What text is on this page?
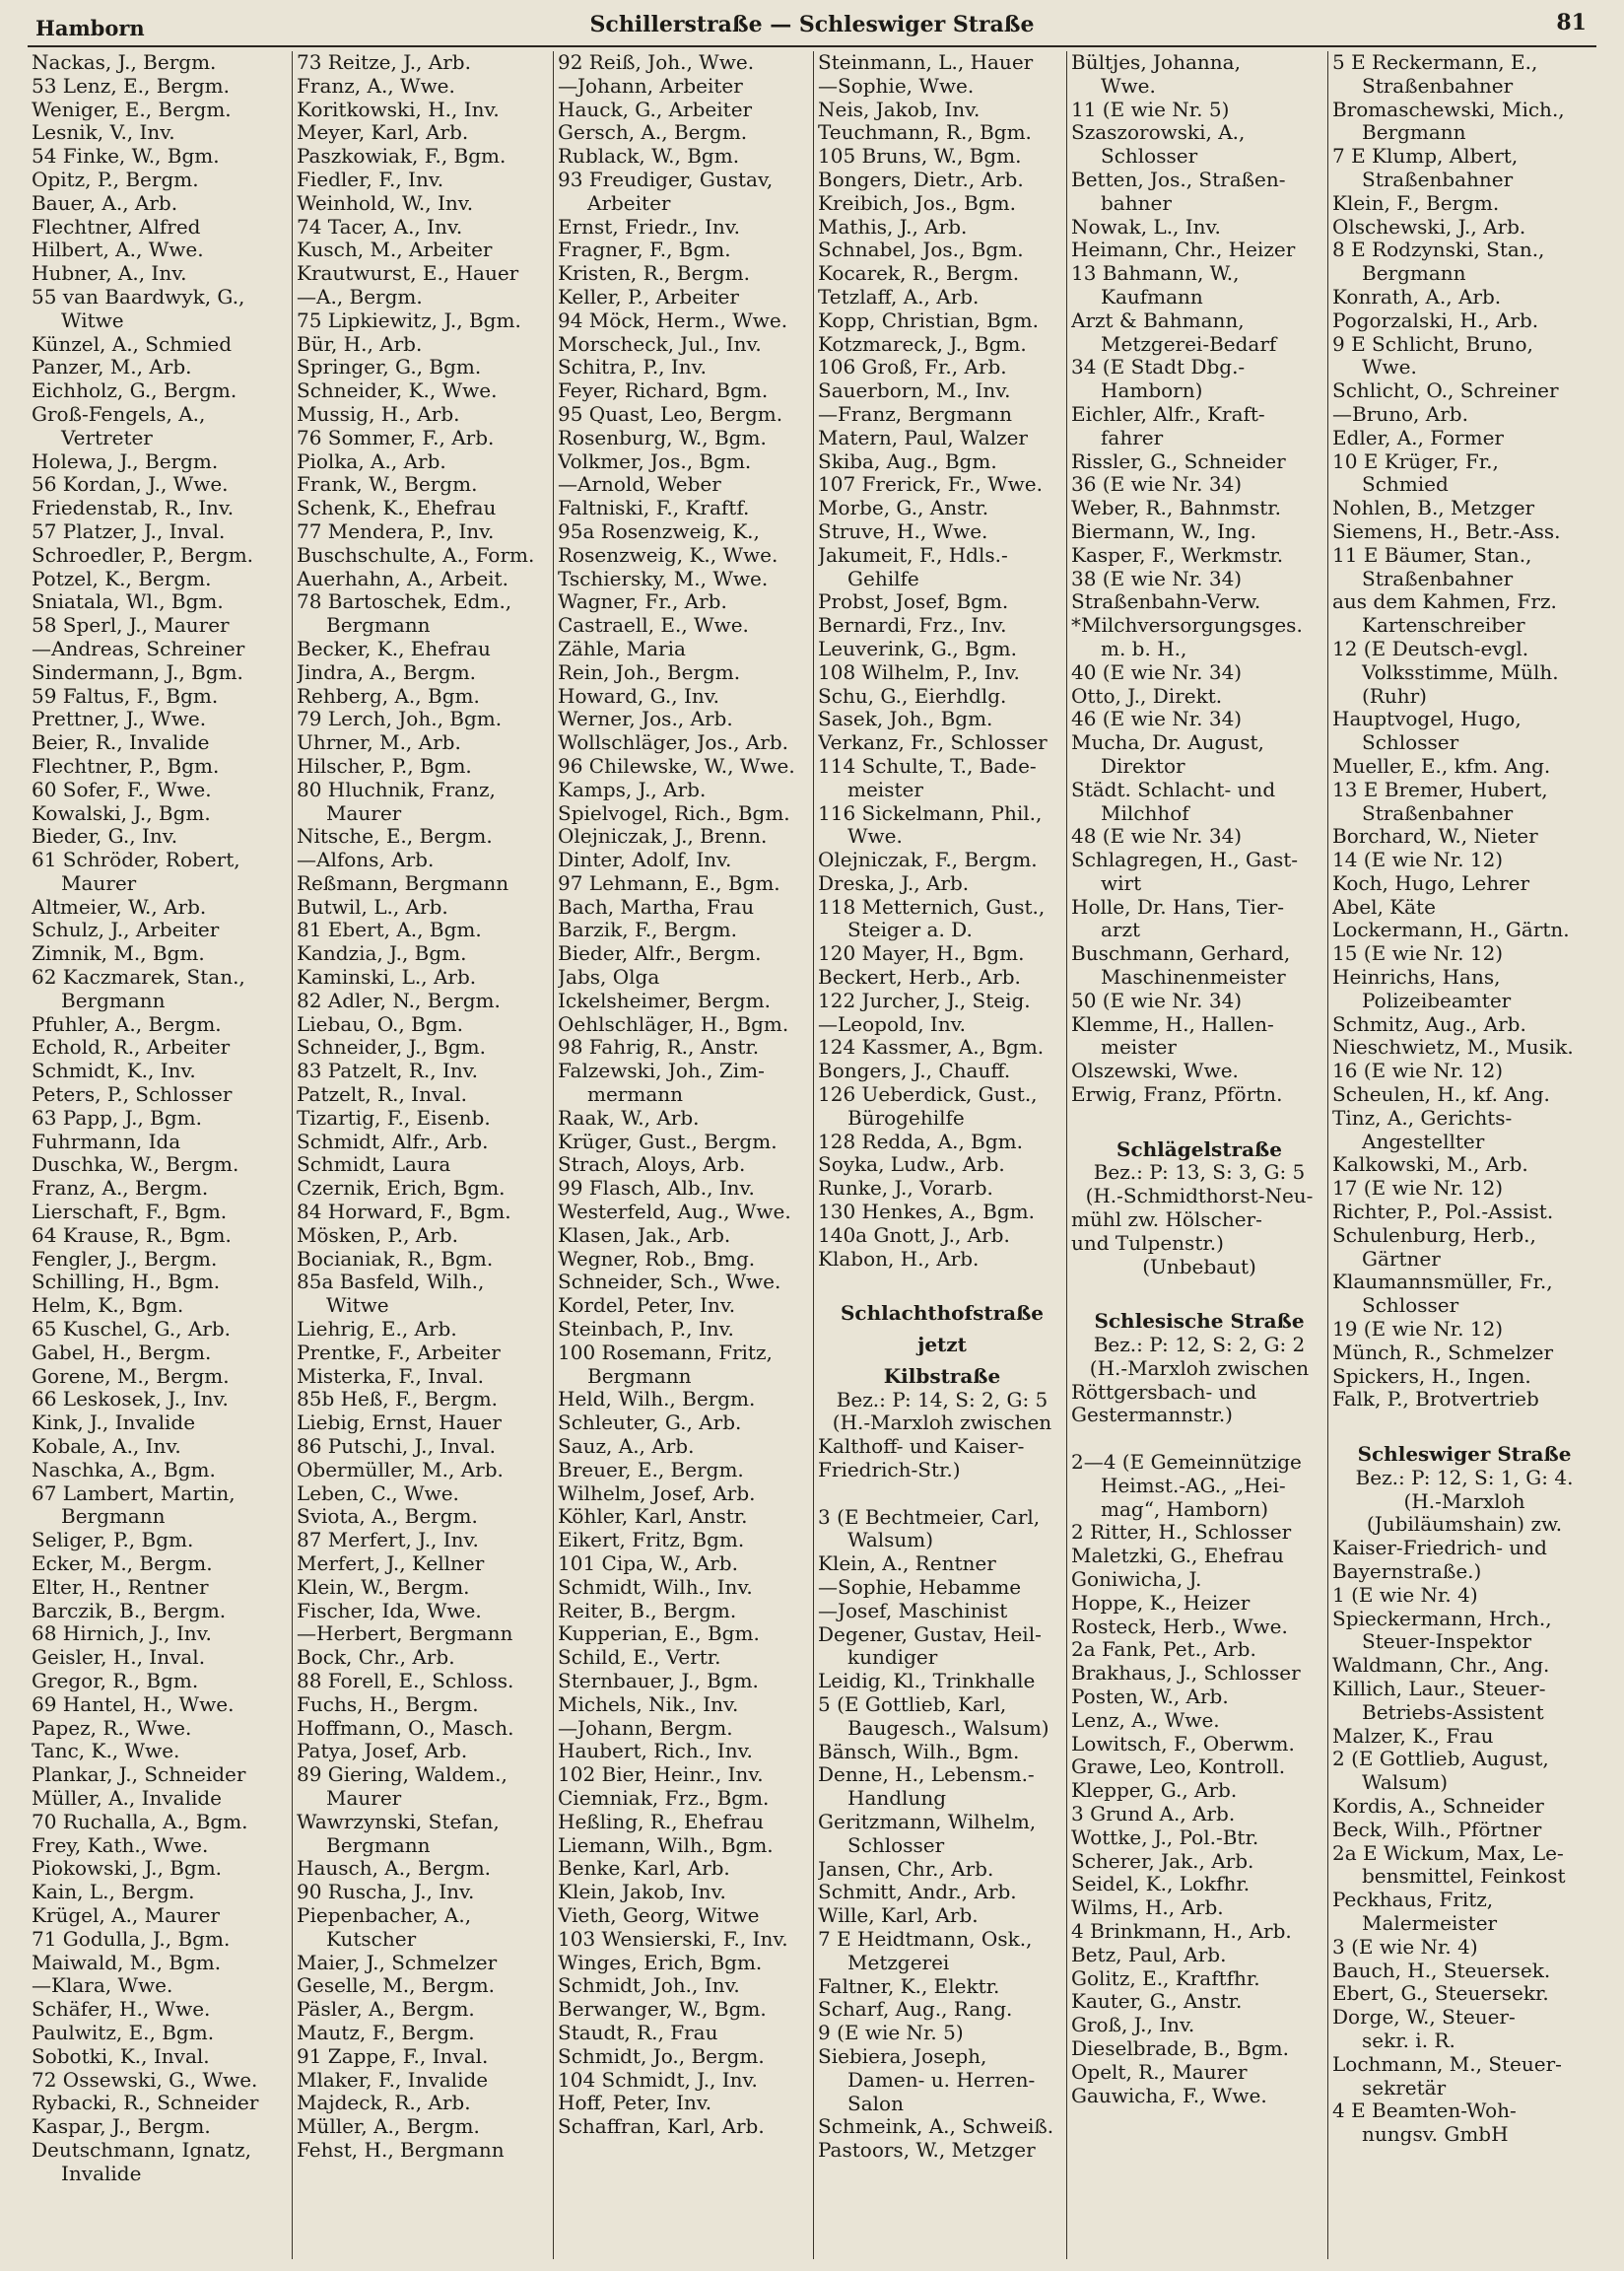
Hamborn	Schillerstraße — Schleswiger Straße	81
Nackas, J., Bergm.
53 Lenz, E., Bergm.
Weniger, E., Bergm.
Lesnik, V., Inv.
54 Finke, W., Bgm.
Opitz, P., Bergm.
Bauer, A., Arb.
Flechtner, Alfred
Hilbert, A., Wwe.
Hubner, A., Inv.
55 van Baardwyk, G.,
Witwe
Künzel, A., Schmied
Panzer, M., Arb.
Eichholz, G., Bergm.
Groß-Fengels, A.,
Vertreter
Holewa, J., Bergm.
56 Kordan, J., Wwe.
Friedenstab, R., Inv.
57 Platzer, J., Inval.
Schroedler, P., Bergm.
Potzel, K., Bergm.
Sniatala, Wl., Bgm.
58 Sperl, J., Maurer
—Andreas, Schreiner
Sindermann, J., Bgm.
59 Faltus, F., Bgm.
Prettner, J., Wwe.
Beier, R., Invalide
Flechtner, P., Bgm.
60 Sofer, F., Wwe.
Kowalski, J., Bgm.
Bieder, G., Inv.
61 Schröder, Robert,
Maurer
Altmeier, W., Arb.
Schulz, J., Arbeiter
Zimnik, M., Bgm.
62 Kaczmarek, Stan.,
Bergmann
Pfuhler, A., Bergm.
Echold, R., Arbeiter
Schmidt, K., Inv.
Peters, P., Schlosser
63 Papp, J., Bgm.
Fuhrmann, Ida
Duschka, W., Bergm.
Franz, A., Bergm.
Lierschaft, F., Bgm.
64 Krause, R., Bgm.
Fengler, J., Bergm.
Schilling, H., Bgm.
Helm, K., Bgm.
65 Kuschel, G., Arb.
Gabel, H., Bergm.
Gorene, M., Bergm.
66 Leskosek, J., Inv.
Kink, J., Invalide
Kobale, A., Inv.
Naschka, A., Bgm.
67 Lambert, Martin,
Bergmann
Seliger, P., Bgm.
Ecker, M., Bergm.
Elter, H., Rentner
Barczik, B., Bergm.
68 Hirnich, J., Inv.
Geisler, H., Inval.
Gregor, R., Bgm.
69 Hantel, H., Wwe.
Papez, R., Wwe.
Tanc, K., Wwe.
Plankar, J., Schneider
Müller, A., Invalide
70 Ruchalla, A., Bgm.
Frey, Kath., Wwe.
Piokowski, J., Bgm.
Kain, L., Bergm.
Krügel, A., Maurer
71 Godulla, J., Bgm.
Maiwald, M., Bgm.
—Klara, Wwe.
Schäfer, H., Wwe.
Paulwitz, E., Bgm.
Sobotki, K., Inval.
72 Ossewski, G., Wwe.
Rybacki, R., Schneider
Kaspar, J., Bergm.
Deutschmann, Ignatz,
Invalide
73 Reitze, J., Arb.
Franz, A., Wwe.
Koritkowski, H., Inv.
Meyer, Karl, Arb.
Paszkowiak, F., Bgm.
Fiedler, F., Inv.
Weinhold, W., Inv.
74 Tacer, A., Inv.
Kusch, M., Arbeiter
Krautwurst, E., Hauer
—A., Bergm.
75 Lipkiewitz, J., Bgm.
Bür, H., Arb.
Springer, G., Bgm.
Schneider, K., Wwe.
Mussig, H., Arb.
76 Sommer, F., Arb.
Piolka, A., Arb.
Frank, W., Bergm.
Schenk, K., Ehefrau
77 Mendera, P., Inv.
Buschschulte, A., Form.
Auerhahn, A., Arbeit.
78 Bartoschek, Edm.,
Bergmann
Becker, K., Ehefrau
Jindra, A., Bergm.
Rehberg, A., Bgm.
79 Lerch, Joh., Bgm.
Uhrner, M., Arb.
Hilscher, P., Bgm.
80 Hluchnik, Franz,
Maurer
Nitsche, E., Bergm.
—Alfons, Arb.
Reßmann, Bergmann
Butwil, L., Arb.
81 Ebert, A., Bgm.
Kandzia, J., Bgm.
Kaminski, L., Arb.
82 Adler, N., Bergm.
Liebau, O., Bgm.
Schneider, J., Bgm.
83 Patzelt, R., Inv.
Patzelt, R., Inval.
Tizartig, F., Eisenb.
Schmidt, Alfr., Arb.
Schmidt, Laura
Czernik, Erich, Bgm.
84 Horward, F., Bgm.
Mösken, P., Arb.
Bocianiak, R., Bgm.
85a Basfeld, Wilh.,
Witwe
Liehrig, E., Arb.
Prentke, F., Arbeiter
Misterka, F., Inval.
85b Heß, F., Bergm.
Liebig, Ernst, Hauer
86 Putschi, J., Inval.
Obermüller, M., Arb.
Leben, C., Wwe.
Sviota, A., Bergm.
87 Merfert, J., Inv.
Merfert, J., Kellner
Klein, W., Bergm.
Fischer, Ida, Wwe.
—Herbert, Bergmann
Bock, Chr., Arb.
88 Forell, E., Schloss.
Fuchs, H., Bergm.
Hoffmann, O., Masch.
Patya, Josef, Arb.
89 Giering, Waldem.,
Maurer
Wawrzynski, Stefan,
Bergmann
Hausch, A., Bergm.
90 Ruscha, J., Inv.
Piepenbacher, A.,
Kutscher
Maier, J., Schmelzer
Geselle, M., Bergm.
Päsler, A., Bergm.
Mautz, F., Bergm.
91 Zappe, F., Inval.
Mlaker, F., Invalide
Majdeck, R., Arb.
Müller, A., Bergm.
Fehst, H., Bergmann
92 Reiß, Joh., Wwe.
—Johann, Arbeiter
Hauck, G., Arbeiter
Gersch, A., Bergm.
Rublack, W., Bgm.
93 Freudiger, Gustav,
Arbeiter
Ernst, Friedr., Inv.
Fragner, F., Bgm.
Kristen, R., Bergm.
Keller, P., Arbeiter
94 Möck, Herm., Wwe.
Morscheck, Jul., Inv.
Schitra, P., Inv.
Feyer, Richard, Bgm.
95 Quast, Leo, Bergm.
Rosenburg, W., Bgm.
Volkmer, Jos., Bgm.
—Arnold, Weber
Faltniski, F., Kraftf.
95a Rosenzweig, K.,
Rosenzweig, K., Wwe.
Tschiersky, M., Wwe.
Wagner, Fr., Arb.
Castraell, E., Wwe.
Zähle, Maria
Rein, Joh., Bergm.
Howard, G., Inv.
Werner, Jos., Arb.
Wollschläger, Jos., Arb.
96 Chilewske, W., Wwe.
Kamps, J., Arb.
Spielvogel, Rich., Bgm.
Olejniczak, J., Brenn.
Dinter, Adolf, Inv.
97 Lehmann, E., Bgm.
Bach, Martha, Frau
Barzik, F., Bergm.
Bieder, Alfr., Bergm.
Jabs, Olga
Ickelsheimer, Bergm.
Oehlschläger, H., Bgm.
98 Fahrig, R., Anstr.
Falzewski, Joh., Zim-
mermann
Raak, W., Arb.
Krüger, Gust., Bergm.
Strach, Aloys, Arb.
99 Flasch, Alb., Inv.
Westerfeld, Aug., Wwe.
Klasen, Jak., Arb.
Wegner, Rob., Bmg.
Schneider, Sch., Wwe.
Kordel, Peter, Inv.
Steinbach, P., Inv.
100 Rosemann, Fritz,
Bergmann
Held, Wilh., Bergm.
Schleuter, G., Arb.
Sauz, A., Arb.
Breuer, E., Bergm.
Wilhelm, Josef, Arb.
Köhler, Karl, Anstr.
Eikert, Fritz, Bgm.
101 Cipa, W., Arb.
Schmidt, Wilh., Inv.
Reiter, B., Bergm.
Kupperian, E., Bgm.
Schild, E., Vertr.
Sternbauer, J., Bgm.
Michels, Nik., Inv.
—Johann, Bergm.
Haubert, Rich., Inv.
102 Bier, Heinr., Inv.
Ciemniak, Frz., Bgm.
Heßling, R., Ehefrau
Liemann, Wilh., Bgm.
Benke, Karl, Arb.
Klein, Jakob, Inv.
Vieth, Georg, Witwe
103 Wensierski, F., Inv.
Winges, Erich, Bgm.
Schmidt, Joh., Inv.
Berwanger, W., Bgm.
Staudt, R., Frau
Schmidt, Jo., Bergm.
104 Schmidt, J., Inv.
Hoff, Peter, Inv.
Schaffran, Karl, Arb.
Steinmann, L., Hauer
—Sophie, Wwe.
Neis, Jakob, Inv.
Teuchmann, R., Bgm.
105 Bruns, W., Bgm.
Bongers, Dietr., Arb.
Kreibich, Jos., Bgm.
Mathis, J., Arb.
Schnabel, Jos., Bgm.
Kocarek, R., Bergm.
Tetzlaff, A., Arb.
Kopp, Christian, Bgm.
Kotzmareck, J., Bgm.
106 Groß, Fr., Arb.
Sauerborn, M., Inv.
—Franz, Bergmann
Matern, Paul, Walzer
Skiba, Aug., Bgm.
107 Frerick, Fr., Wwe.
Morbe, G., Anstr.
Struve, H., Wwe.
Jakumeit, F., Hdls.-
Gehilfe
Probst, Josef, Bgm.
Bernardi, Frz., Inv.
Leuverink, G., Bgm.
108 Wilhelm, P., Inv.
Schu, G., Eierhdlg.
Sasek, Joh., Bgm.
Verkanz, Fr., Schlosser
114 Schulte, T., Bade-
meister
116 Sickelmann, Phil.,
Wwe.
Olejniczak, F., Bergm.
Dreska, J., Arb.
118 Metternich, Gust.,
Steiger a. D.
120 Mayer, H., Bgm.
Beckert, Herb., Arb.
122 Jurcher, J., Steig.
—Leopold, Inv.
124 Kassmer, A., Bgm.
Bongers, J., Chauff.
126 Ueberdick, Gust.,
Bürogehilfe
128 Redda, A., Bgm.
Soyka, Ludw., Arb.
Runke, J., Vorarb.
130 Henkes, A., Bgm.
140a Gnott, J., Arb.
Klabon, H., Arb.
Schlachthofstraße
jetzt
Kilbstraße
Bez.: P: 14, S: 2, G: 5
(H.-Marxloh zwischen
Kalthoff- und Kaiser-
Friedrich-Str.)
3 (E Bechtmeier, Carl,
Walsum)
Klein, A., Rentner
—Sophie, Hebamme
—Josef, Maschinist
Degener, Gustav, Heil-
kundiger
Leidig, Kl., Trinkhalle
5 (E Gottlieb, Karl,
Baugesch., Walsum)
Bänsch, Wilh., Bgm.
Denne, H., Lebensm.-
Handlung
Geritzmann, Wilhelm,
Schlosser
Jansen, Chr., Arb.
Schmitt, Andr., Arb.
Wille, Karl, Arb.
7 E Heidtmann, Osk.,
Metzgerei
Faltner, K., Elektr.
Scharf, Aug., Rang.
9 (E wie Nr. 5)
Siebiera, Joseph,
Damen- u. Herren-
Salon
Schmeink, A., Schweiß.
Pastoors, W., Metzger
Bültjes, Johanna,
Wwe.
11 (E wie Nr. 5)
Szaszorowski, A.,
Schlosser
Betten, Jos., Straßen-
bahner
Nowak, L., Inv.
Heimann, Chr., Heizer
13 Bahmann, W.,
Kaufmann
Arzt & Bahmann,
Metzgerei-Bedarf
34 (E Stadt Dbg.-
Hamborn)
Eichler, Alfr., Kraft-
fahrer
Rissler, G., Schneider
36 (E wie Nr. 34)
Weber, R., Bahnmstr.
Biermann, W., Ing.
Kasper, F., Werkmstr.
38 (E wie Nr. 34)
Straßenbahn-Verw.
*Milchversorgungsges.
m. b. H.,
40 (E wie Nr. 34)
Otto, J., Direkt.
46 (E wie Nr. 34)
Mucha, Dr. August,
Direktor
Städt. Schlacht- und
Milchhof
48 (E wie Nr. 34)
Schlagregen, H., Gast-
wirt
Holle, Dr. Hans, Tier-
arzt
Buschmann, Gerhard,
Maschinenmeister
50 (E wie Nr. 34)
Klemme, H., Hallen-
meister
Olszewski, Wwe.
Erwig, Franz, Pförtn.
Schlägelstraße
Bez.: P: 13, S: 3, G: 5
(H.-Schmidthorst-Neu-
mühl zw. Hölscher-
und Tulpenstr.)
(Unbebaut)
Schlesische Straße
Bez.: P: 12, S: 2, G: 2
(H.-Marxloh zwischen
Röttgersbach- und
Gestermannstr.)
2—4 (E Gemeinnützige
Heimst.-AG., „Hei-
mag“, Hamborn)
2 Ritter, H., Schlosser
Maletzki, G., Ehefrau
Goniwicha, J.
Hoppe, K., Heizer
Rosteck, Herb., Wwe.
2a Fank, Pet., Arb.
Brakhaus, J., Schlosser
Posten, W., Arb.
Lenz, A., Wwe.
Lowitsch, F., Oberwm.
Grawe, Leo, Kontroll.
Klepper, G., Arb.
3 Grund A., Arb.
Wottke, J., Pol.-Btr.
Scherer, Jak., Arb.
Seidel, K., Lokfhr.
Wilms, H., Arb.
4 Brinkmann, H., Arb.
Betz, Paul, Arb.
Golitz, E., Kraftfhr.
Kauter, G., Anstr.
Groß, J., Inv.
Dieselbrade, B., Bgm.
Opelt, R., Maurer
Gauwicha, F., Wwe.
5 E Reckermann, E.,
Straßenbahner
Bromaschewski, Mich.,
Bergmann
7 E Klump, Albert,
Straßenbahner
Klein, F., Bergm.
Olschewski, J., Arb.
8 E Rodzynski, Stan.,
Bergmann
Konrath, A., Arb.
Pogorzalski, H., Arb.
9 E Schlicht, Bruno,
Wwe.
Schlicht, O., Schreiner
—Bruno, Arb.
Edler, A., Former
10 E Krüger, Fr.,
Schmied
Nohlen, B., Metzger
Siemens, H., Betr.-Ass.
11 E Bäumer, Stan.,
Straßenbahner
aus dem Kahmen, Frz.
Kartenschreiber
12 (E Deutsch-evgl.
Volksstimme, Mülh.
(Ruhr)
Hauptvogel, Hugo,
Schlosser
Mueller, E., kfm. Ang.
13 E Bremer, Hubert,
Straßenbahner
Borchard, W., Nieter
14 (E wie Nr. 12)
Koch, Hugo, Lehrer
Abel, Käte
Lockermann, H., Gärtn.
15 (E wie Nr. 12)
Heinrichs, Hans,
Polizeibeamter
Schmitz, Aug., Arb.
Nieschwietz, M., Musik.
16 (E wie Nr. 12)
Scheulen, H., kf. Ang.
Tinz, A., Gerichts-
Angestellter
Kalkowski, M., Arb.
17 (E wie Nr. 12)
Richter, P., Pol.-Assist.
Schulenburg, Herb.,
Gärtner
Klaumannsmüller, Fr.,
Schlosser
19 (E wie Nr. 12)
Münch, R., Schmelzer
Spickers, H., Ingen.
Falk, P., Brotvertrieb
Schleswiger Straße
Bez.: P: 12, S: 1, G: 4.
(H.-Marxloh
(Jubiläumshain) zw.
Kaiser-Friedrich- und
Bayernstraße.)
1 (E wie Nr. 4)
Spieckermann, Hrch.,
Steuer-Inspektor
Waldmann, Chr., Ang.
Killich, Laur., Steuer-
Betriebs-Assistent
Malzer, K., Frau
2 (E Gottlieb, August,
Walsum)
Kordis, A., Schneider
Beck, Wilh., Pförtner
2a E Wickum, Max, Le-
bensmittel, Feinkost
Peckhaus, Fritz,
Malermeister
3 (E wie Nr. 4)
Bauch, H., Steuersek.
Ebert, G., Steuersekr.
Dorge, W., Steuer-
sekr. i. R.
Lochmann, M., Steuer-
sekretär
4 E Beamten-Woh-
nungsv. GmbH
